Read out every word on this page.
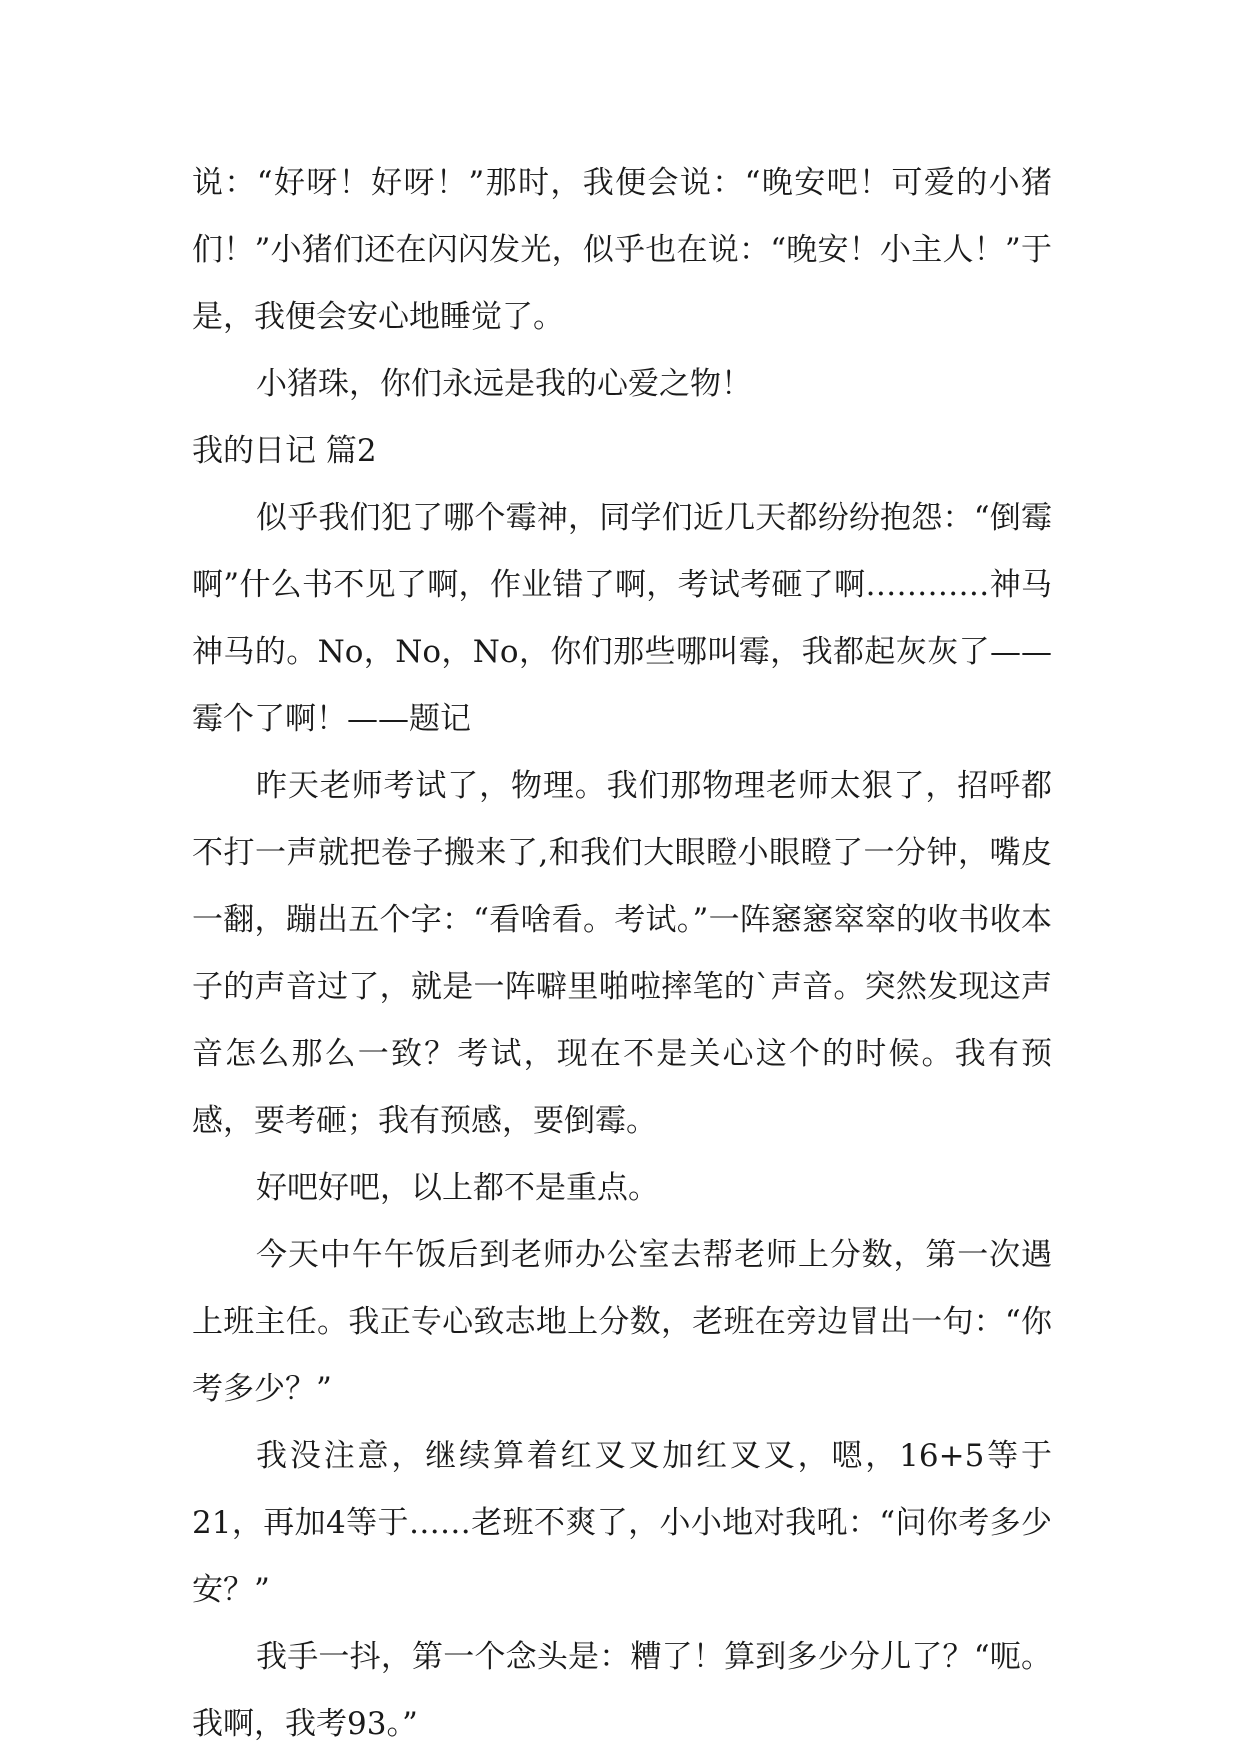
说：“好呀！好呀！”那时，我便会说：“晚安吧！可爱的小猪们！”小猪们还在闪闪发光，似乎也在说：“晚安！小主人！”于是，我便会安心地睡觉了。

小猪珠，你们永远是我的心爱之物！

我的日记 篇2

似乎我们犯了哪个霉神，同学们近几天都纷纷抱怨：“倒霉啊”什么书不见了啊，作业错了啊，考试考砸了啊…………神马神马的。No，No，No，你们那些哪叫霉，我都起灰灰了——霉个了啊！——题记

昨天老师考试了，物理。我们那物理老师太狠了，招呼都不打一声就把卷子搬来了,和我们大眼瞪小眼瞪了一分钟，嘴皮一翻，蹦出五个字：“看啥看。考试。”一阵窸窸窣窣的收书收本子的声音过了，就是一阵噼里啪啦摔笔的`声音。突然发现这声音怎么那么一致？考试，现在不是关心这个的时候。我有预感，要考砸；我有预感，要倒霉。

好吧好吧，以上都不是重点。

今天中午午饭后到老师办公室去帮老师上分数，第一次遇上班主任。我正专心致志地上分数，老班在旁边冒出一句：“你考多少？”

我没注意，继续算着红叉叉加红叉叉，嗯，16+5等于21，再加4等于……老班不爽了，小小地对我吼：“问你考多少安？”

我手一抖，第一个念头是：糟了！算到多少分儿了？“呃。我啊，我考93。”
